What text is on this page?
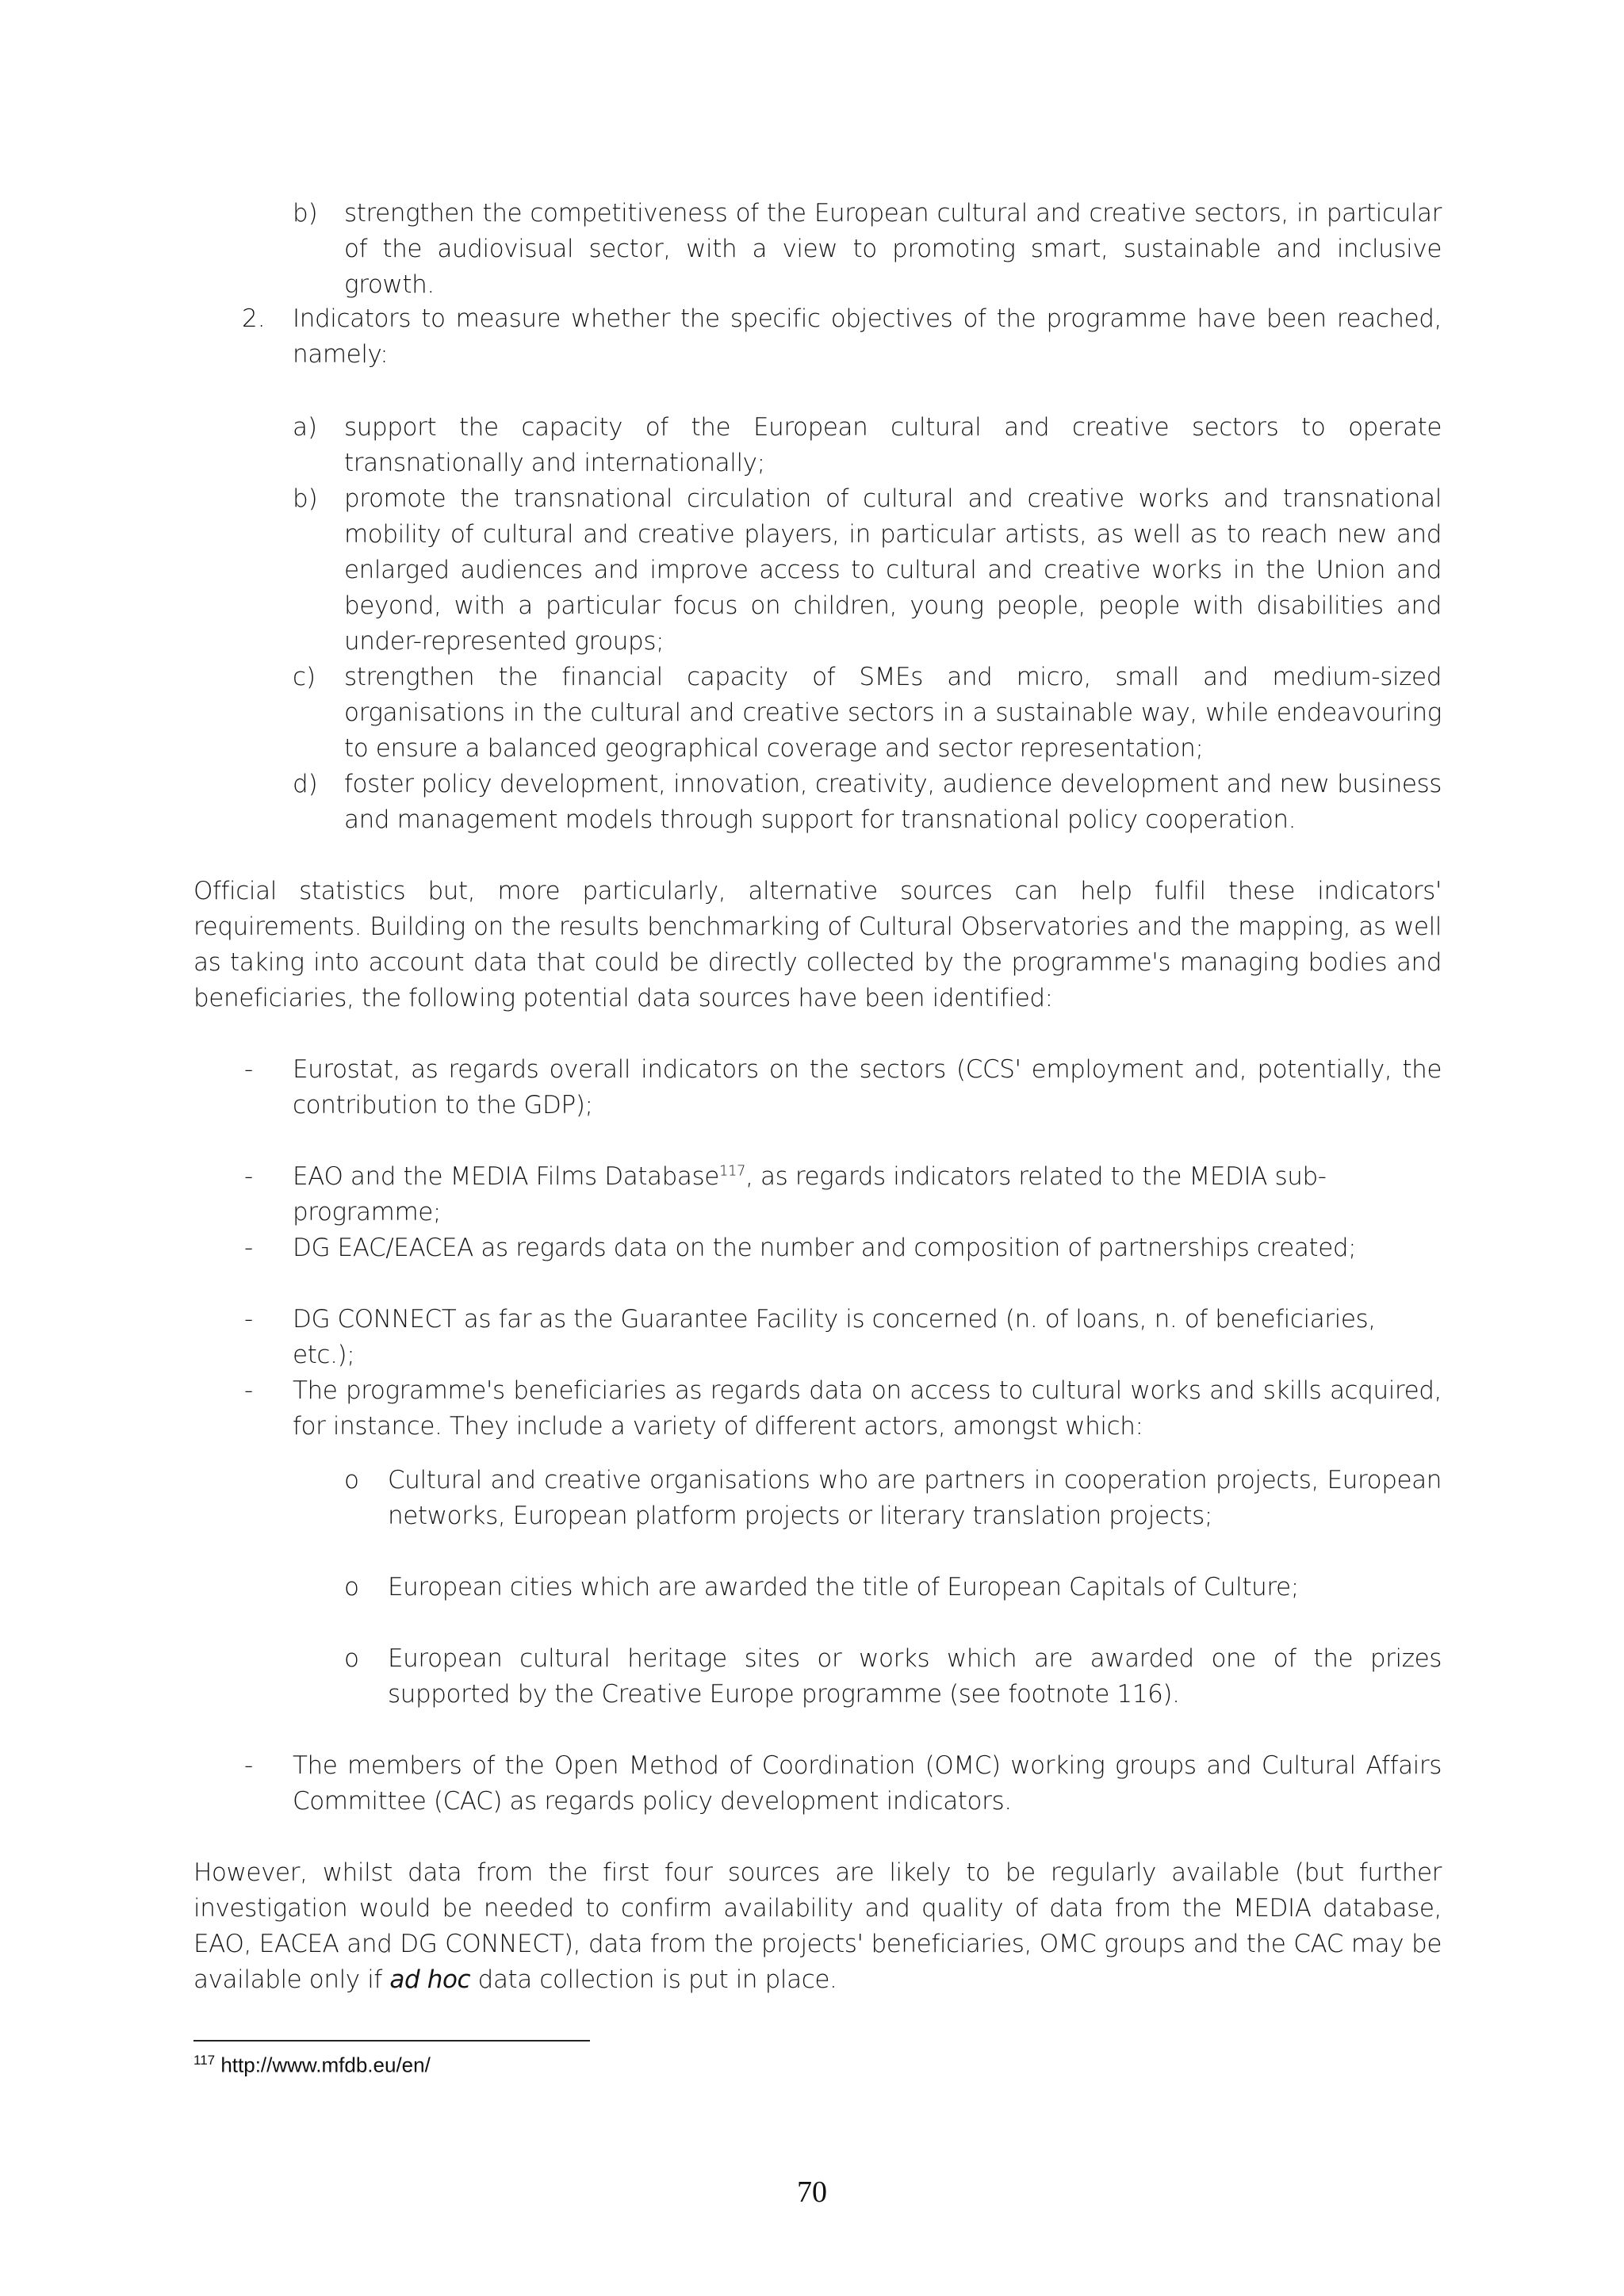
b) strengthen the competitiveness of the European cultural and creative sectors, in particular of the audiovisual sector, with a view to promoting smart, sustainable and inclusive growth.

2. Indicators to measure whether the specific objectives of the programme have been reached, namely:

a) support the capacity of the European cultural and creative sectors to operate transnationally and internationally;

b) promote the transnational circulation of cultural and creative works and transnational mobility of cultural and creative players, in particular artists, as well as to reach new and enlarged audiences and improve access to cultural and creative works in the Union and beyond, with a particular focus on children, young people, people with disabilities and under-represented groups;

c) strengthen the financial capacity of SMEs and micro, small and medium-sized organisations in the cultural and creative sectors in a sustainable way, while endeavouring to ensure a balanced geographical coverage and sector representation;

d) foster policy development, innovation, creativity, audience development and new business and management models through support for transnational policy cooperation.

Official statistics but, more particularly, alternative sources can help fulfil these indicators' requirements. Building on the results benchmarking of Cultural Observatories and the mapping, as well as taking into account data that could be directly collected by the programme's managing bodies and beneficiaries, the following potential data sources have been identified:

- Eurostat, as regards overall indicators on the sectors (CCS' employment and, potentially, the contribution to the GDP);

- EAO and the MEDIA Films Database$^{117}$, as regards indicators related to the MEDIA sub-programme;

- DG EAC/EACEA as regards data on the number and composition of partnerships created;

- DG CONNECT as far as the Guarantee Facility is concerned (n. of loans, n. of beneficiaries, etc.);

- The programme's beneficiaries as regards data on access to cultural works and skills acquired, for instance. They include a variety of different actors, amongst which:

o Cultural and creative organisations who are partners in cooperation projects, European networks, European platform projects or literary translation projects;

o European cities which are awarded the title of European Capitals of Culture;

o European cultural heritage sites or works which are awarded one of the prizes supported by the Creative Europe programme (see footnote 116).

- The members of the Open Method of Coordination (OMC) working groups and Cultural Affairs Committee (CAC) as regards policy development indicators.

However, whilst data from the first four sources are likely to be regularly available (but further investigation would be needed to confirm availability and quality of data from the MEDIA database, EAO, EACEA and DG CONNECT), data from the projects' beneficiaries, OMC groups and the CAC may be available only if ad hoc data collection is put in place.

$^{117}$ http://www.mfdb.eu/en/
70
